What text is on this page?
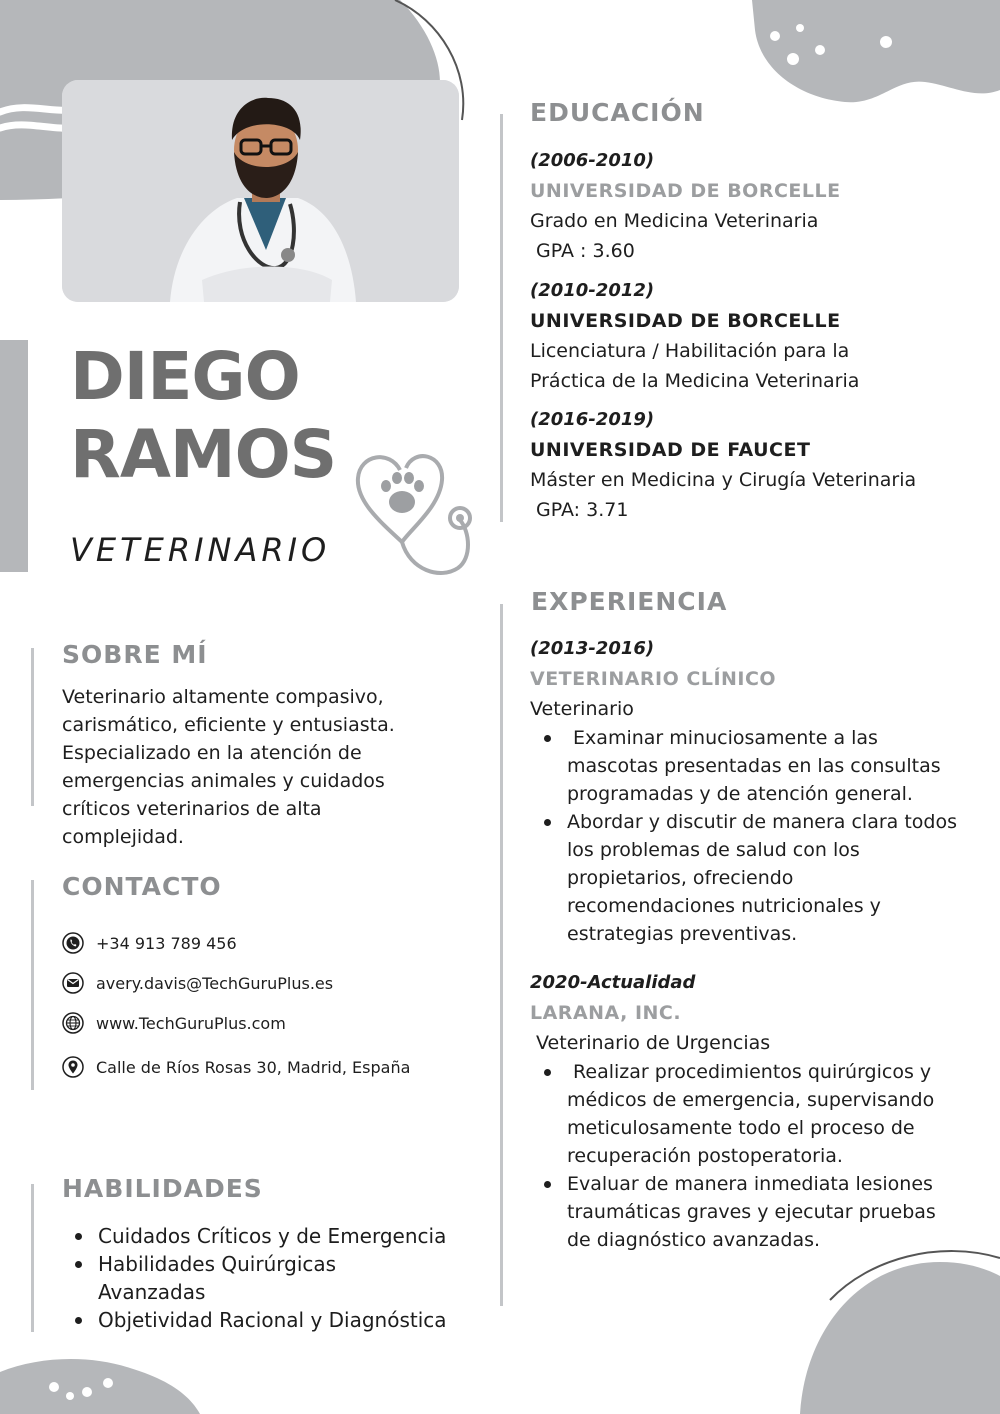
DIEGO
RAMOS
VETERINARIO
SOBRE MÍ
Veterinario altamente compasivo,
carismático, eficiente y entusiasta.
Especializado en la atención de
emergencias animales y cuidados
críticos veterinarios de alta
complejidad.
CONTACTO
+34 913 789 456
avery.davis@TechGuruPlus.es
www.TechGuruPlus.com
Calle de Ríos Rosas 30, Madrid, España
HABILIDADES
Cuidados Críticos y de Emergencia
Habilidades Quirúrgicas Avanzadas
Objetividad Racional y Diagnóstica
EDUCACIÓN
(2006-2010)
UNIVERSIDAD DE BORCELLE
Grado en Medicina Veterinaria
GPA : 3.60
(2010-2012)
UNIVERSIDAD DE BORCELLE
Licenciatura / Habilitación para la
Práctica de la Medicina Veterinaria
(2016-2019)
UNIVERSIDAD DE FAUCET
Máster en Medicina y Cirugía Veterinaria
GPA: 3.71
EXPERIENCIA
(2013-2016)
VETERINARIO CLÍNICO
Veterinario
Examinar minuciosamente a las mascotas presentadas en las consultas programadas y de atención general.
Abordar y discutir de manera clara todos los problemas de salud con los propietarios, ofreciendo recomendaciones nutricionales y estrategias preventivas.
2020-Actualidad
LARANA, INC.
Veterinario de Urgencias
Realizar procedimientos quirúrgicos y médicos de emergencia, supervisando meticulosamente todo el proceso de recuperación postoperatoria.
Evaluar de manera inmediata lesiones traumáticas graves y ejecutar pruebas de diagnóstico avanzadas.
